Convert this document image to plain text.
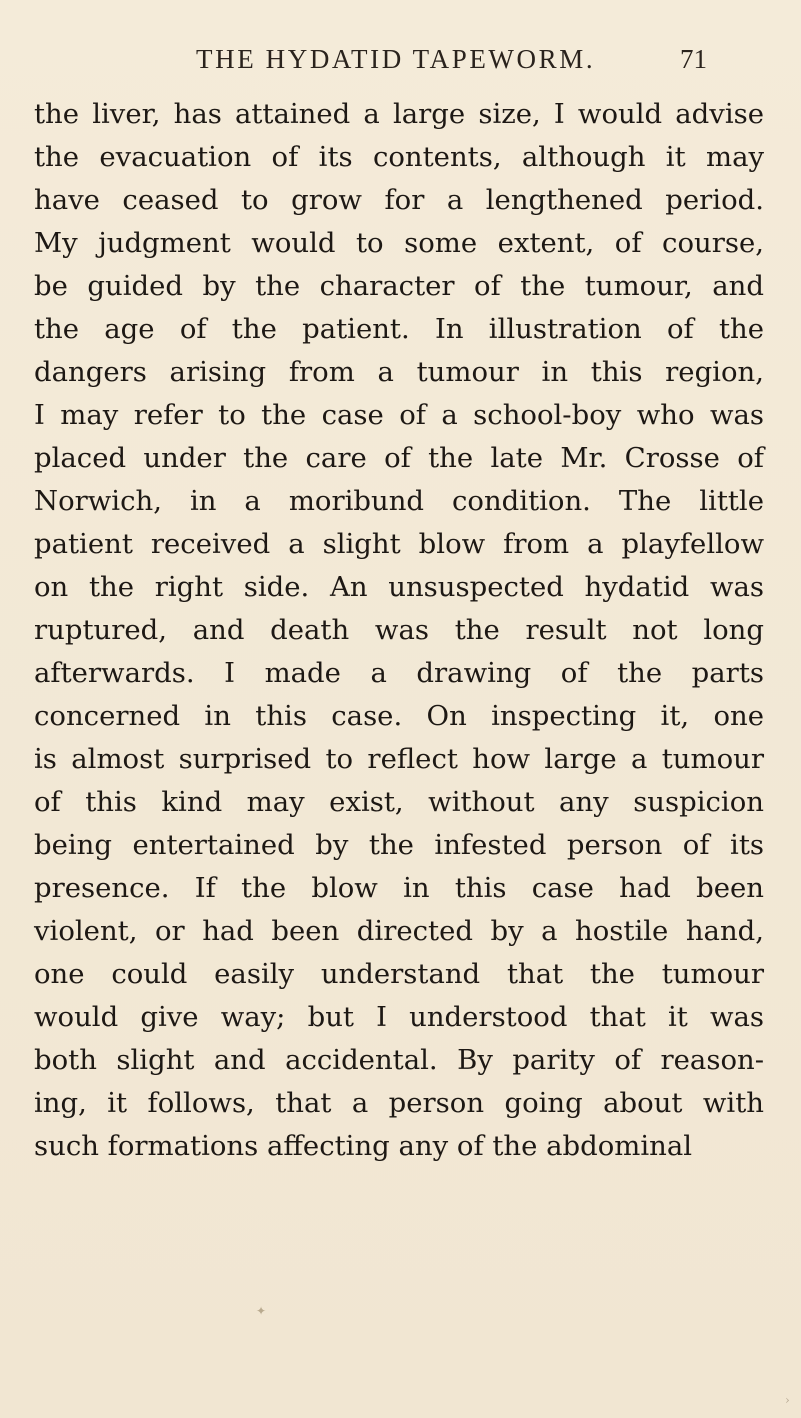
THE HYDATID TAPEWORM.	71
the liver, has attained a large size, I would advise
the evacuation of its contents, although it may
have ceased to grow for a lengthened period.
My judgment would to some extent, of course,
be guided by the character of the tumour, and
the age of the patient. In illustration of the
dangers arising from a tumour in this region,
I may refer to the case of a school-boy who was
placed under the care of the late Mr. Crosse of
Norwich, in a moribund condition. The little
patient received a slight blow from a playfellow
on the right side. An unsuspected hydatid was
ruptured, and death was the result not long
afterwards. I made a drawing of the parts
concerned in this case. On inspecting it, one
is almost surprised to reflect how large a tumour
of this kind may exist, without any suspicion
being entertained by the infested person of its
presence. If the blow in this case had been
violent, or had been directed by a hostile hand,
one could easily understand that the tumour
would give way; but I understood that it was
both slight and accidental. By parity of reason-
ing, it follows, that a person going about with
such formations affecting any of the abdominal
✦
›
